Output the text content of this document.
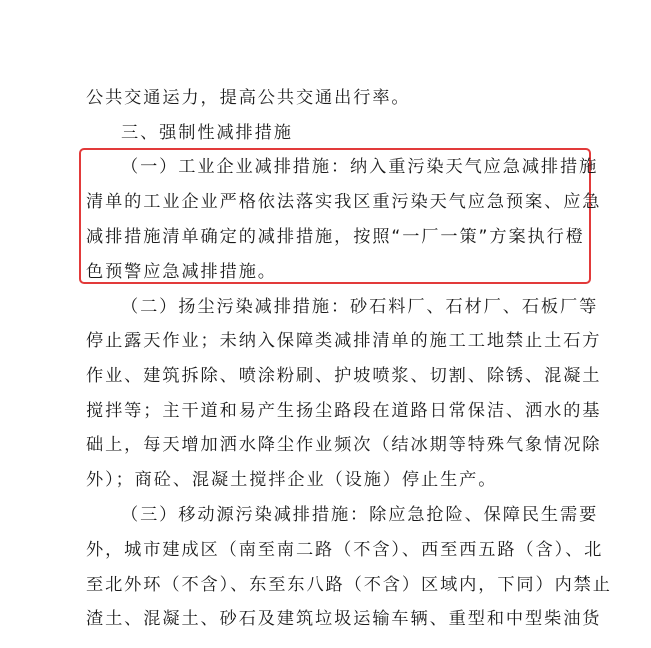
公共交通运力，提高公共交通出行率。
三、强制性减排措施
（一）工业企业减排措施：纳入重污染天气应急减排措施
清单的工业企业严格依法落实我区重污染天气应急预案、应急
减排措施清单确定的减排措施，按照“一厂一策”方案执行橙
色预警应急减排措施。
（二）扬尘污染减排措施：砂石料厂、石材厂、石板厂等
停止露天作业；未纳入保障类减排清单的施工工地禁止土石方
作业、建筑拆除、喷涂粉刷、护坡喷浆、切割、除锈、混凝土
搅拌等；主干道和易产生扬尘路段在道路日常保洁、洒水的基
础上，每天增加洒水降尘作业频次（结冰期等特殊气象情况除
外）；商砼、混凝土搅拌企业（设施）停止生产。
（三）移动源污染减排措施：除应急抢险、保障民生需要
外，城市建成区（南至南二路（不含）、西至西五路（含）、北
至北外环（不含）、东至东八路（不含）区域内，下同）内禁止
渣土、混凝土、砂石及建筑垃圾运输车辆、重型和中型柴油货
